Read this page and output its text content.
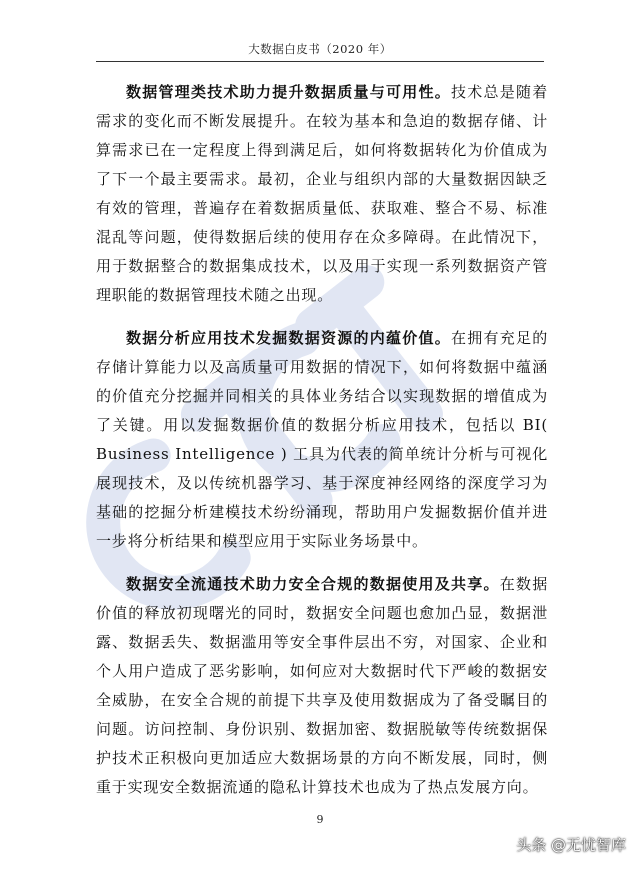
大数据白皮书（2020 年）

数据管理类技术助力提升数据质量与可用性。技术总是随着需求的变化而不断发展提升。在较为基本和急迫的数据存储、计算需求已在一定程度上得到满足后，如何将数据转化为价值成为了下一个最主要需求。最初，企业与组织内部的大量数据因缺乏有效的管理，普遍存在着数据质量低、获取难、整合不易、标准混乱等问题，使得数据后续的使用存在众多障碍。在此情况下，用于数据整合的数据集成技术，以及用于实现一系列数据资产管理职能的数据管理技术随之出现。

数据分析应用技术发掘数据资源的内蕴价值。在拥有充足的存储计算能力以及高质量可用数据的情况下，如何将数据中蕴涵的价值充分挖掘并同相关的具体业务结合以实现数据的增值成为了关键。用以发掘数据价值的数据分析应用技术，包括以 BI( Business Intelligence ) 工具为代表的简单统计分析与可视化展现技术，及以传统机器学习、基于深度神经网络的深度学习为基础的挖掘分析建模技术纷纷涌现，帮助用户发掘数据价值并进一步将分析结果和模型应用于实际业务场景中。

数据安全流通技术助力安全合规的数据使用及共享。在数据价值的释放初现曙光的同时，数据安全问题也愈加凸显，数据泄露、数据丢失、数据滥用等安全事件层出不穷，对国家、企业和个人用户造成了恶劣影响，如何应对大数据时代下严峻的数据安全威胁，在安全合规的前提下共享及使用数据成为了备受瞩目的问题。访问控制、身份识别、数据加密、数据脱敏等传统数据保护技术正积极向更加适应大数据场景的方向不断发展，同时，侧重于实现安全数据流通的隐私计算技术也成为了热点发展方向。

9
头条 @无忧智库
